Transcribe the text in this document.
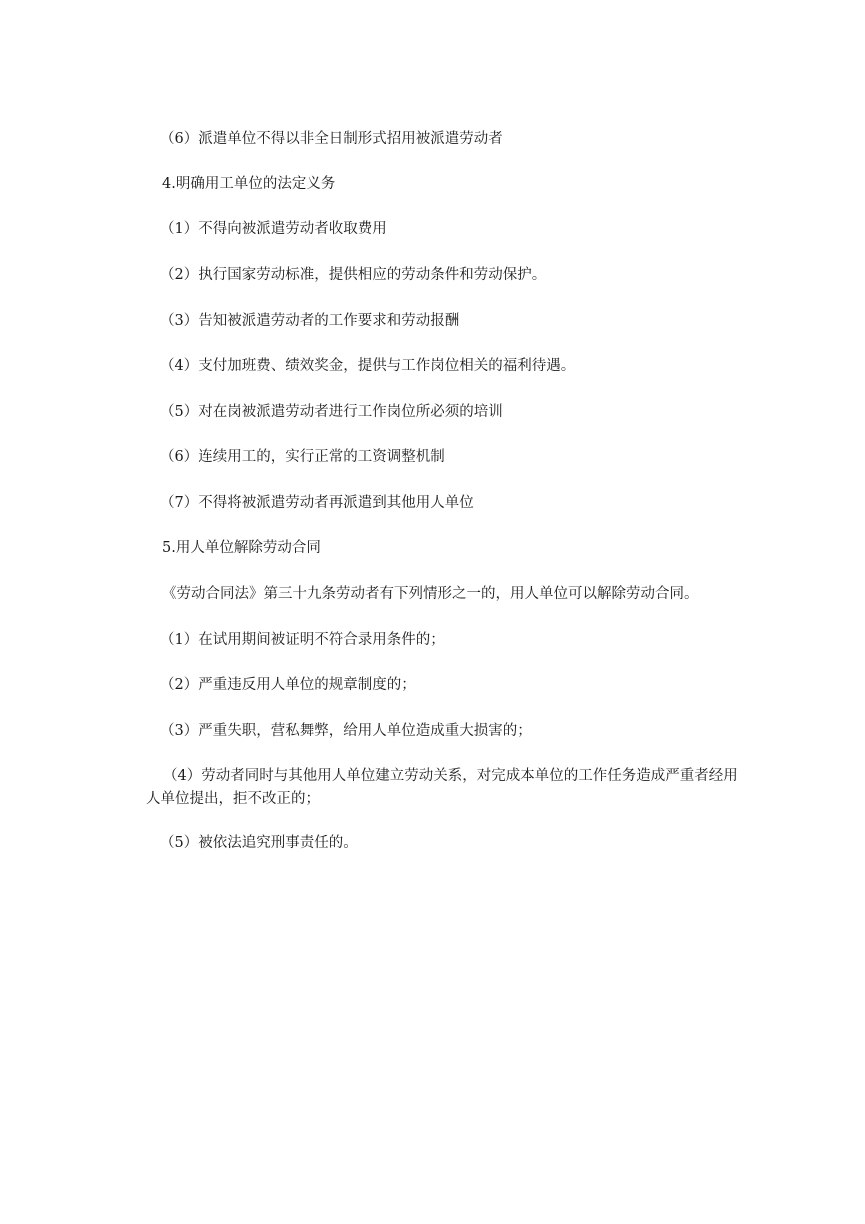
（6）派遣单位不得以非全日制形式招用被派遣劳动者
4.明确用工单位的法定义务
（1）不得向被派遣劳动者收取费用
（2）执行国家劳动标准，提供相应的劳动条件和劳动保护。
（3）告知被派遣劳动者的工作要求和劳动报酬
（4）支付加班费、绩效奖金，提供与工作岗位相关的福利待遇。
（5）对在岗被派遣劳动者进行工作岗位所必须的培训
（6）连续用工的，实行正常的工资调整机制
（7）不得将被派遣劳动者再派遣到其他用人单位
5.用人单位解除劳动合同
《劳动合同法》第三十九条劳动者有下列情形之一的，用人单位可以解除劳动合同。
（1）在试用期间被证明不符合录用条件的；
（2）严重违反用人单位的规章制度的；
（3）严重失职，营私舞弊，给用人单位造成重大损害的；
（4）劳动者同时与其他用人单位建立劳动关系，对完成本单位的工作任务造成严重者经用人单位提出，拒不改正的；
（5）被依法追究刑事责任的。
